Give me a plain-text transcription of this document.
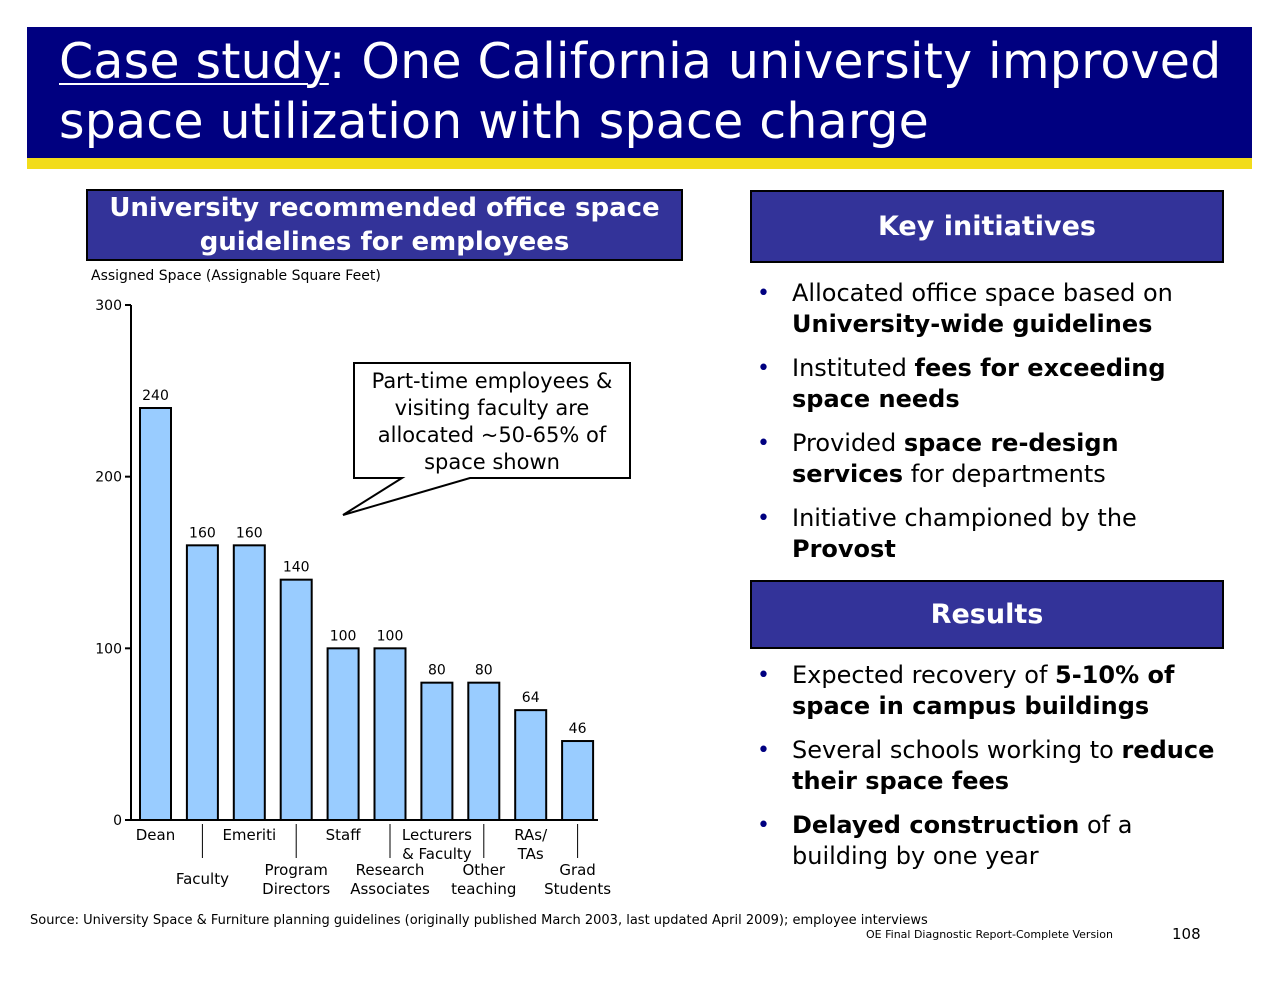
Case study: One California university improved space utilization with space charge
University recommended office space guidelines for employees
Assigned Space (Assignable Square Feet)
0
100
200
300
240
160 160
140
100 100
80 80
64
46
Dean
Faculty
Emeriti
Program
Directors
Staff
Research
Associates
Lecturers
& Faculty
Other
teaching
RAs/
TAs
Grad
Students
Part-time employees &
visiting faculty are
allocated ~50-65% of
space shown
Key initiatives
• Allocated office space based on University-wide guidelines
• Instituted fees for exceeding space needs
• Provided space re-design services for departments
• Initiative championed by the Provost
Results
• Expected recovery of 5-10% of space in campus buildings
• Several schools working to reduce their space fees
• Delayed construction of a building by one year
Source: University Space & Furniture planning guidelines (originally published March 2003, last updated April 2009); employee interviews
OE Final Diagnostic Report-Complete Version	108
